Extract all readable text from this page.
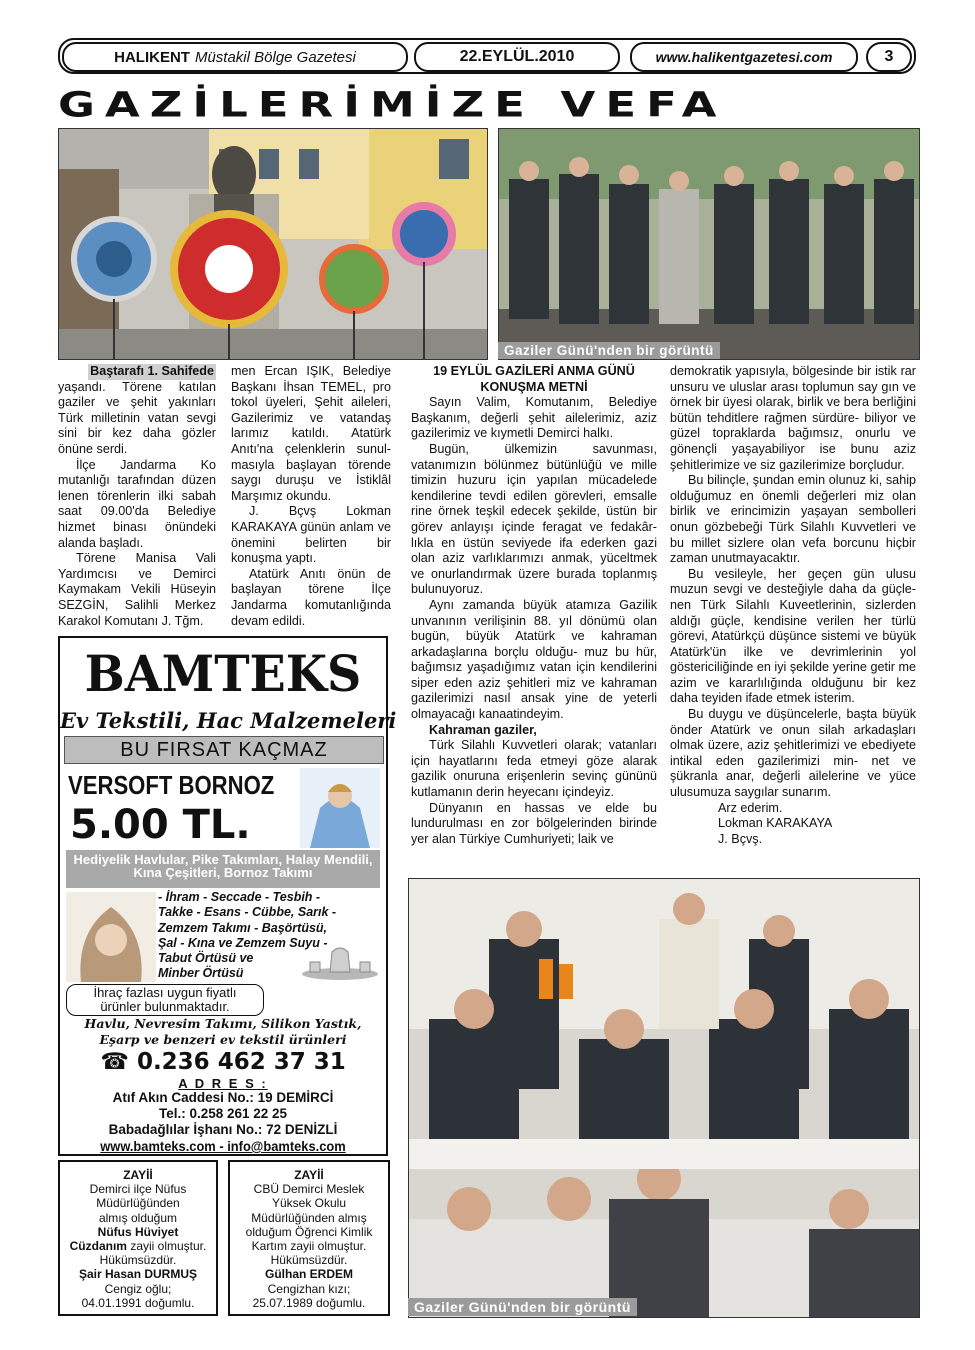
HALIKENT Müstakil Bölge Gazetesi	22.EYLÜL.2010	www.halikentgazetesi.com	3
GAZİLERİMİZE VEFA
Gaziler Günü'nden bir görüntü

Baştarafı 1. Sahifede

yaşandı. Törene katılan gaziler ve şehit yakınları Türk milletinin vatan sevgi sini bir kez daha gözler önüne serdi.

İlçe Jandarma Ko mutanlığı tarafından düzen lenen törenlerin ilki sabah saat 09.00'da Belediye hizmet binası önündeki alanda başladı.

Törene Manisa Vali Yardımcısı ve Demirci Kaymakam Vekili Hüseyin SEZGİN, Salihli Merkez Karakol Komutanı J. Tğm.

men Ercan IŞIK, Belediye Başkanı İhsan TEMEL, pro tokol üyeleri, Şehit aileleri, Gazilerimiz ve vatandaş larımız katıldı. Atatürk Anıtı'na çelenklerin sunul- masıyla başlayan törende saygı duruşu ve İstiklâl Marşımız okundu.

J. Bçvş Lokman KARAKAYA günün anlam ve önemini belirten bir konuşma yaptı.

Atatürk Anıtı önün de başlayan törene İlçe Jandarma komutanlığında devam edildi.

19 EYLÜL GAZİLERİ ANMA GÜNÜ

KONUŞMA METNİ

Sayın Valim, Komutanım, Belediye Başkanım, değerli şehit ailelerimiz, aziz gazilerimiz ve kıymetli Demirci halkı.

Bugün, ülkemizin savunması, vatanımızın bölünmez bütünlüğü ve mille timizin huzuru için yapılan mücadelede kendilerine tevdi edilen görevleri, emsalle rine örnek teşkil edecek şekilde, üstün bir görev anlayışı içinde feragat ve fedakâr- lıkla en üstün seviyede ifa ederken gazi olan aziz varlıklarımızı anmak, yüceltmek ve onurlandırmak üzere burada toplanmış bulunuyoruz.

Aynı zamanda büyük atamıza Gazilik unvanının verilişinin 88. yıl dönümü olan bugün, büyük Atatürk ve kahraman arkadaşlarına borçlu olduğu- muz bu hür, bağımsız yaşadığımız vatan için kendilerini siper eden aziz şehitleri miz ve kahraman gazilerimizi nasıl ansak yine de yeterli olmayacağı kanaatindeyim.

Kahraman gaziler,

Türk Silahlı Kuvvetleri olarak; vatanları için hayatlarını feda etmeyi göze alarak gazilik onuruna erişenlerin sevinç gününü kutlamanın derin heyecanı içindeyiz.

Dünyanın en hassas ve elde bu lundurulması en zor bölgelerinden birinde yer alan Türkiye Cumhuriyeti; laik ve

demokratik yapısıyla, bölgesinde bir istik rar unsuru ve uluslar arası toplumun say gın ve örnek bir üyesi olarak, birlik ve bera berliğini bütün tehditlere rağmen sürdüre- biliyor ve güzel topraklarda bağımsız, onurlu ve gönençli yaşayabiliyor ise bunu aziz şehitlerimize ve siz gazilerimize borçludur.

Bu bilinçle, şundan emin olunuz ki, sahip olduğumuz en önemli değerleri miz olan birlik ve erincimizin yaşayan sembolleri onun gözbebeği Türk Silahlı Kuvvetleri ve bu millet sizlere olan vefa borcunu hiçbir zaman unutmayacaktır.

Bu vesileyle, her geçen gün ulusu muzun sevgi ve desteğiyle daha da güçle- nen Türk Silahlı Kuveetlerinin, sizlerden aldığı güçle, kendisine verilen her türlü görevi, Atatürkçü düşünce sistemi ve büyük Atatürk'ün ilke ve devrimlerinin yol göstericiliğinde en iyi şekilde yerine getir me azim ve kararlılığında olduğunu bir kez daha teyiden ifade etmek isterim.

Bu duygu ve düşüncelerle, başta büyük önder Atatürk ve onun silah arkadaşları olmak üzere, aziz şehitlerimizi ve ebediyete intikal eden gazilerimizi min- net ve şükranla anar, değerli ailelerine ve yüce ulusumuza saygılar sunarım.

Arz ederim.

Lokman KARAKAYA

J. Bçvş.

Gaziler Günü'nden bir görüntü
BAMTEKS
Ev Tekstili, Hac Malzemeleri
BU FIRSAT KAÇMAZ
VERSOFT BORNOZ
5.00 TL.
Hediyelik Havlular, Pike Takımları, Halay Mendili, Kına Çeşitleri, Bornoz Takımı
- İhram - Seccade - Tesbih -
Takke - Esans - Cübbe, Sarık -
Zemzem Takımı - Başörtüsü,
Şal - Kına ve Zemzem Suyu -
Tabut Örtüsü ve
Minber Örtüsü
İhraç fazlası uygun fiyatlı
ürünler bulunmaktadır.
Havlu, Nevresim Takımı, Silikon Yastık,
Eşarp ve benzeri ev tekstil ürünleri
☎ 0.236 462 37 31
A D R E S :
Atıf Akın Caddesi No.: 19 DEMİRCİ
Tel.: 0.258 261 22 25
Babadağlılar İşhanı No.: 72 DENİZLİ
www.bamteks.com - info@bamteks.com
ZAYİİ
Demirci ilçe Nüfus
Müdürlüğünden
almış olduğum
Nüfus Hüviyet
Cüzdanım zayii olmuştur.
Hükümsüzdür.
Şair Hasan DURMUŞ
Cengiz oğlu;
04.01.1991 doğumlu.
ZAYİİ
CBÜ Demirci Meslek
Yüksek Okulu
Müdürlüğünden almış
olduğum Öğrenci Kimlik
Kartım zayii olmuştur.
Hükümsüzdür.
Gülhan ERDEM
Cengizhan kızı;
25.07.1989 doğumlu.
